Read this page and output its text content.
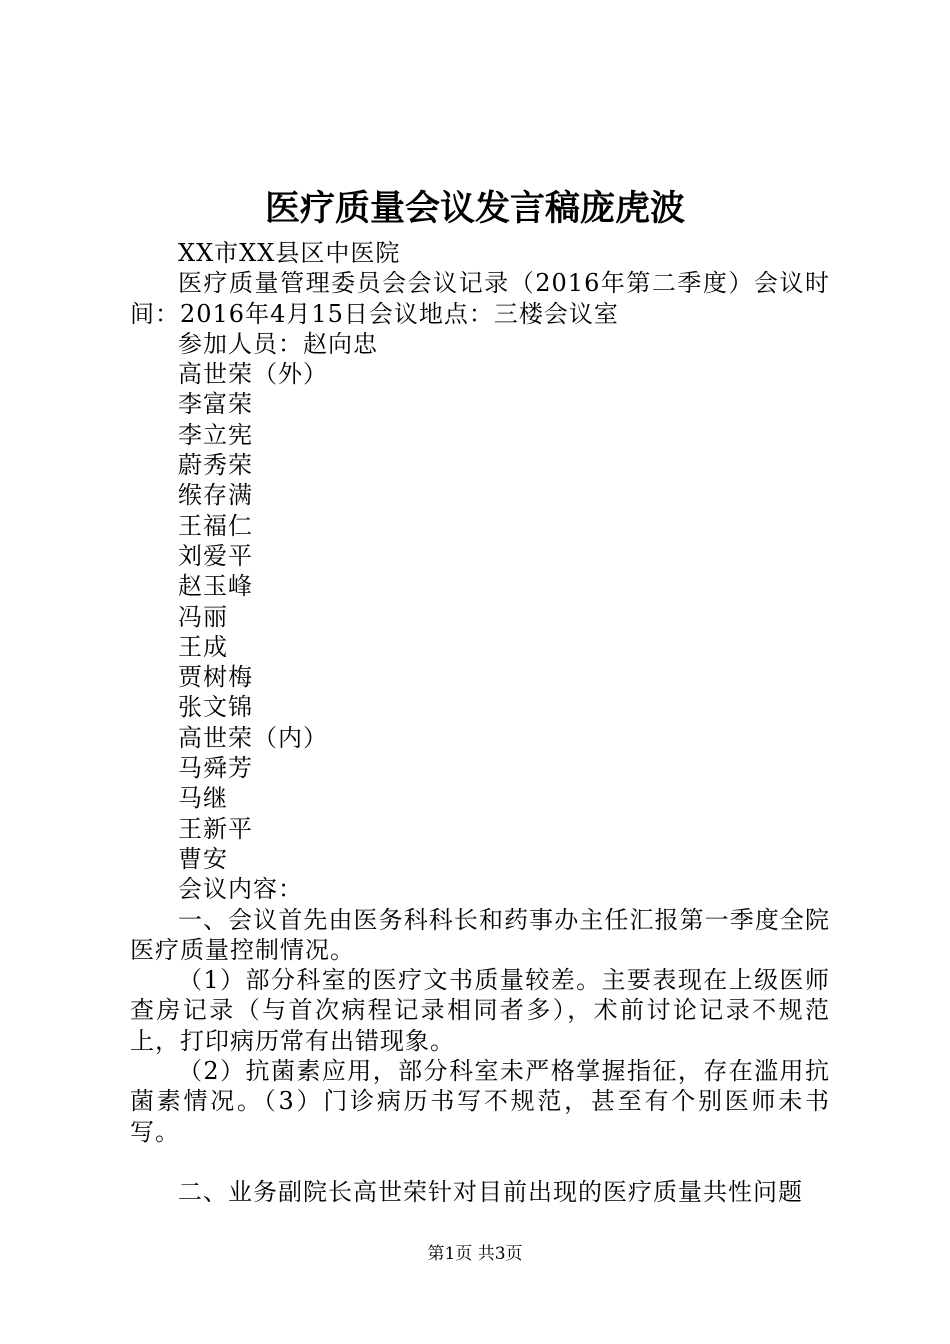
医疗质量会议发言稿庞虎波

XX市XX县区中医院

医疗质量管理委员会会议记录（2016年第二季度）会议时间：2016年4月15日会议地点：三楼会议室

参加人员：赵向忠

高世荣（外）

李富荣

李立宪

蔚秀荣

缑存满

王福仁

刘爱平

赵玉峰

冯丽

王成

贾树梅

张文锦

高世荣（内）

马舜芳

马继

王新平

曹安

会议内容：

一、会议首先由医务科科长和药事办主任汇报第一季度全院医疗质量控制情况。

（1）部分科室的医疗文书质量较差。主要表现在上级医师查房记录（与首次病程记录相同者多），术前讨论记录不规范上，打印病历常有出错现象。

（2）抗菌素应用，部分科室未严格掌握指征，存在滥用抗菌素情况。（3）门诊病历书写不规范，甚至有个别医师未书写。

二、业务副院长高世荣针对目前出现的医疗质量共性问题

第1页 共3页
